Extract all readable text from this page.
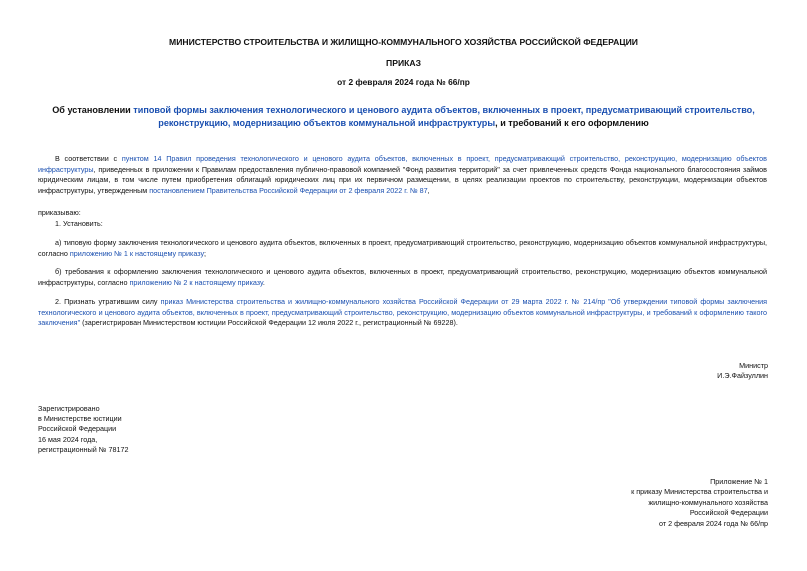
МИНИСТЕРСТВО СТРОИТЕЛЬСТВА И ЖИЛИЩНО-КОММУНАЛЬНОГО ХОЗЯЙСТВА РОССИЙСКОЙ ФЕДЕРАЦИИ
ПРИКАЗ
от 2 февраля 2024 года № 66/пр
Об установлении типовой формы заключения технологического и ценового аудита объектов, включенных в проект, предусматривающий строительство, реконструкцию, модернизацию объектов коммунальной инфраструктуры, и требований к его оформлению
В соответствии с пунктом 14 Правил проведения технологического и ценового аудита объектов, включенных в проект, предусматривающий строительство, реконструкцию, модернизацию объектов инфраструктуры, приведенных в приложении к Правилам предоставления публично-правовой компанией "Фонд развития территорий" за счет привлеченных средств Фонда национального благосостояния займов юридическим лицам, в том числе путем приобретения облигаций юридических лиц при их первичном размещении, в целях реализации проектов по строительству, реконструкции, модернизации объектов инфраструктуры, утвержденным постановлением Правительства Российской Федерации от 2 февраля 2022 г. № 87,
приказываю:
1. Установить:
а) типовую форму заключения технологического и ценового аудита объектов, включенных в проект, предусматривающий строительство, реконструкцию, модернизацию объектов коммунальной инфраструктуры, согласно приложению № 1 к настоящему приказу;
б) требования к оформлению заключения технологического и ценового аудита объектов, включенных в проект, предусматривающий строительство, реконструкцию, модернизацию объектов коммунальной инфраструктуры, согласно приложению № 2 к настоящему приказу.
2. Признать утратившим силу приказ Министерства строительства и жилищно-коммунального хозяйства Российской Федерации от 29 марта 2022 г. № 214/пр "Об утверждении типовой формы заключения технологического и ценового аудита объектов, включенных в проект, предусматривающий строительство, реконструкцию, модернизацию объектов коммунальной инфраструктуры, и требований к оформлению такого заключения" (зарегистрирован Министерством юстиции Российской Федерации 12 июля 2022 г., регистрационный № 69228).
Министр
И.Э.Файзуллин
Зарегистрировано
в Министерстве юстиции
Российской Федерации
16 мая 2024 года,
регистрационный № 78172
Приложение № 1
к приказу Министерства строительства и
жилищно-коммунального хозяйства
Российской Федерации
от 2 февраля 2024 года № 66/пр
